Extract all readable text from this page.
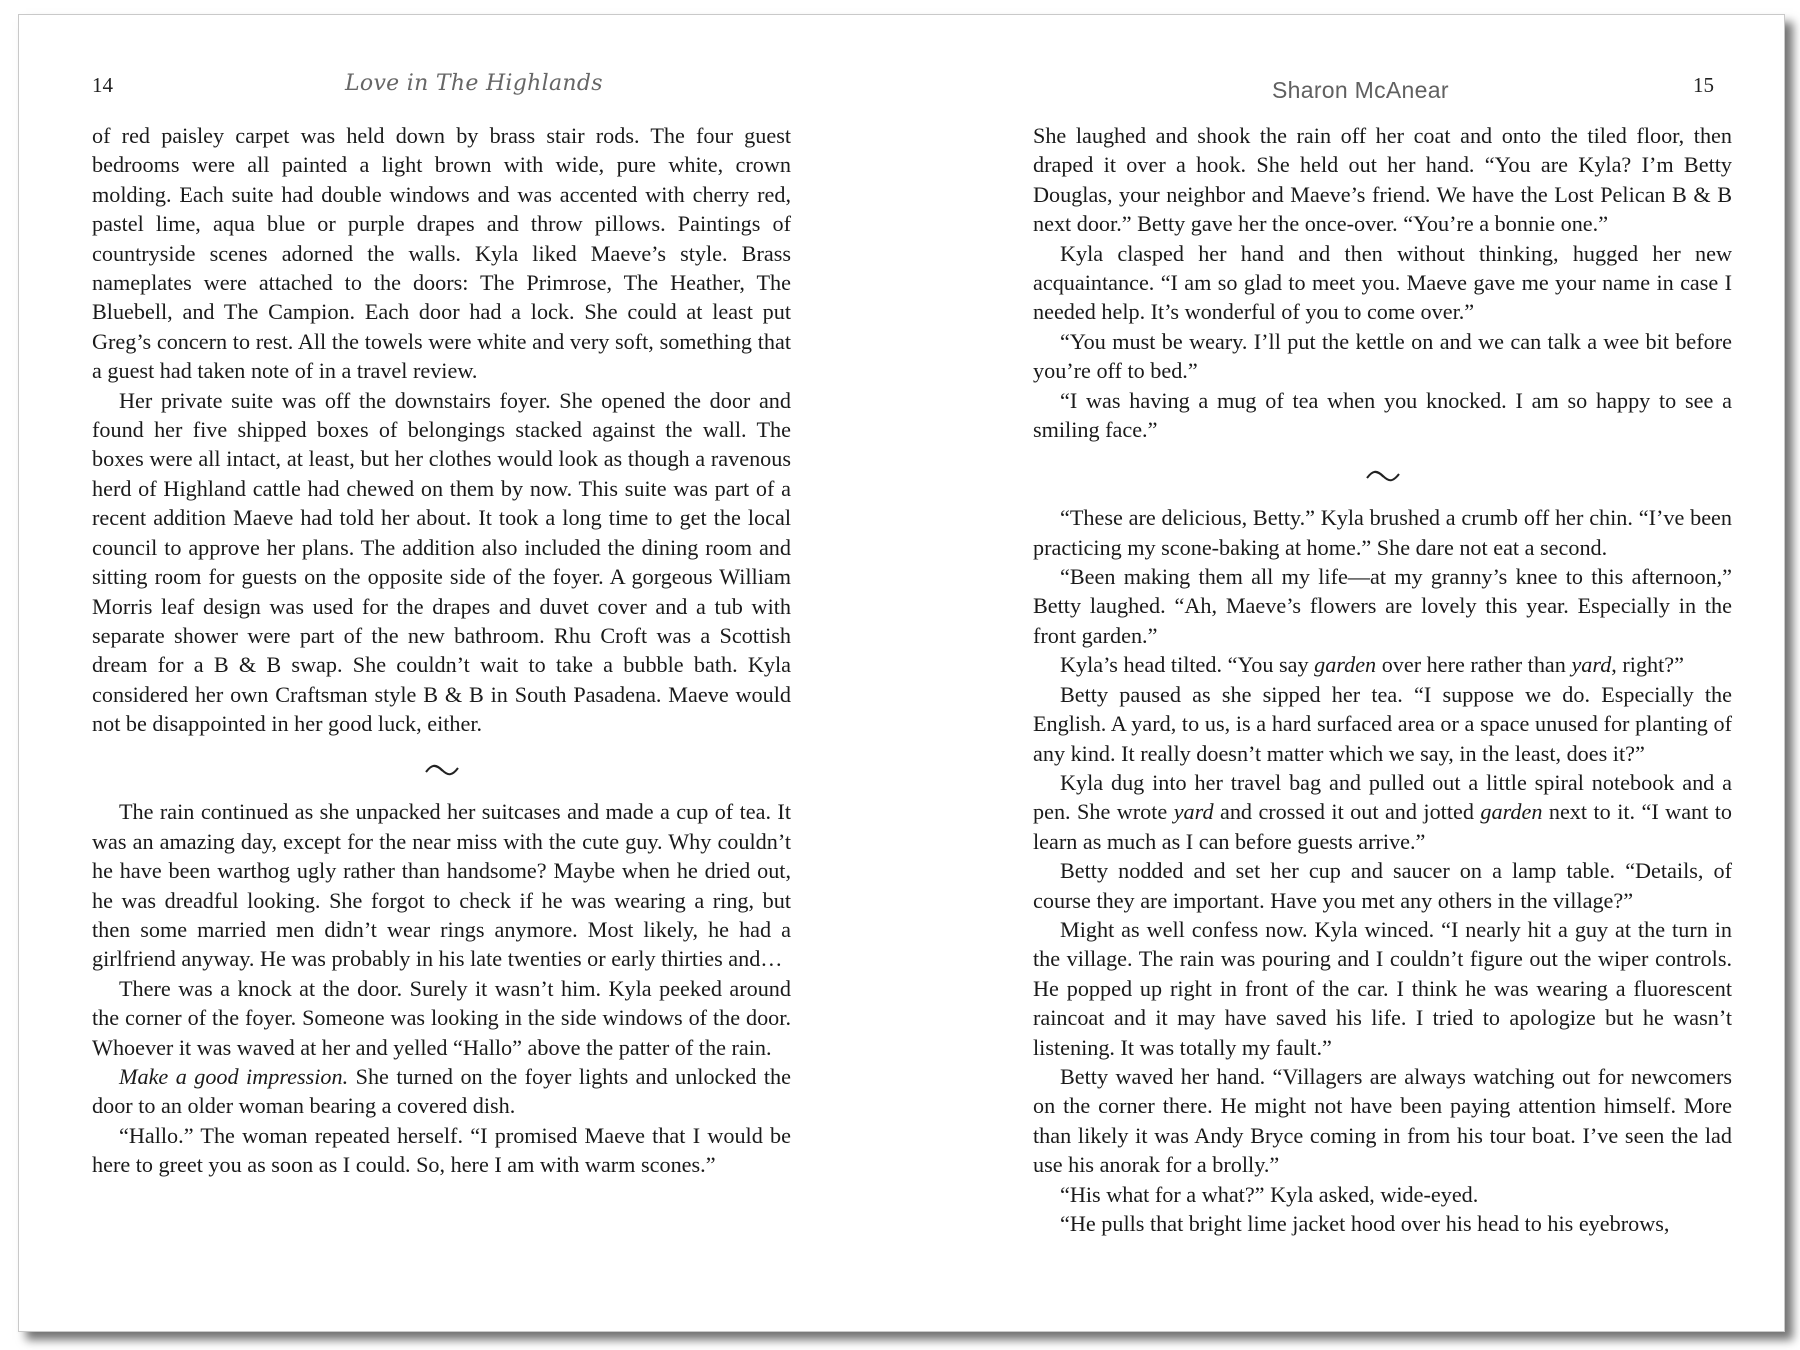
14	Love in The Highlands

of red paisley carpet was held down by brass stair rods. The four guest bedrooms were all painted a light brown with wide, pure white, crown molding. Each suite had double windows and was accented with cherry red, pastel lime, aqua blue or purple drapes and throw pillows. Paintings of countryside scenes adorned the walls. Kyla liked Maeve’s style. Brass nameplates were attached to the doors: The Primrose, The Heather, The Bluebell, and The Campion. Each door had a lock. She could at least put Greg’s concern to rest. All the towels were white and very soft, something that a guest had taken note of in a travel review.

Her private suite was off the downstairs foyer. She opened the door and found her five shipped boxes of belongings stacked against the wall. The boxes were all intact, at least, but her clothes would look as though a ravenous herd of Highland cattle had chewed on them by now. This suite was part of a recent addition Maeve had told her about. It took a long time to get the local council to approve her plans. The addition also included the dining room and sitting room for guests on the opposite side of the foyer. A gorgeous William Morris leaf design was used for the drapes and duvet cover and a tub with separate shower were part of the new bathroom. Rhu Croft was a Scottish dream for a B & B swap. She couldn’t wait to take a bubble bath. Kyla considered her own Craftsman style B & B in South Pasadena. Maeve would not be disappointed in her good luck, either.

The rain continued as she unpacked her suitcases and made a cup of tea. It was an amazing day, except for the near miss with the cute guy. Why couldn’t he have been warthog ugly rather than handsome? Maybe when he dried out, he was dreadful looking. She forgot to check if he was wearing a ring, but then some married men didn’t wear rings anymore. Most likely, he had a girlfriend anyway. He was probably in his late twenties or early thirties and…

There was a knock at the door. Surely it wasn’t him. Kyla peeked around the corner of the foyer. Someone was looking in the side windows of the door. Whoever it was waved at her and yelled “Hallo” above the patter of the rain.

Make a good impression. She turned on the foyer lights and unlocked the door to an older woman bearing a covered dish.

“Hallo.” The woman repeated herself. “I promised Maeve that I would be here to greet you as soon as I could. So, here I am with warm scones.”

Sharon McAnear	15

She laughed and shook the rain off her coat and onto the tiled floor, then draped it over a hook. She held out her hand. “You are Kyla? I’m Betty Douglas, your neighbor and Maeve’s friend. We have the Lost Pelican B & B next door.” Betty gave her the once-over. “You’re a bonnie one.”

Kyla clasped her hand and then without thinking, hugged her new acquaintance. “I am so glad to meet you. Maeve gave me your name in case I needed help. It’s wonderful of you to come over.”

“You must be weary. I’ll put the kettle on and we can talk a wee bit before you’re off to bed.”

“I was having a mug of tea when you knocked. I am so happy to see a smiling face.”

“These are delicious, Betty.” Kyla brushed a crumb off her chin. “I’ve been practicing my scone-baking at home.” She dare not eat a second.

“Been making them all my life—at my granny’s knee to this afternoon,” Betty laughed. “Ah, Maeve’s flowers are lovely this year. Especially in the front garden.”

Kyla’s head tilted. “You say garden over here rather than yard, right?”

Betty paused as she sipped her tea. “I suppose we do. Especially the English. A yard, to us, is a hard surfaced area or a space unused for planting of any kind. It really doesn’t matter which we say, in the least, does it?”

Kyla dug into her travel bag and pulled out a little spiral notebook and a pen. She wrote yard and crossed it out and jotted garden next to it. “I want to learn as much as I can before guests arrive.”

Betty nodded and set her cup and saucer on a lamp table. “Details, of course they are important. Have you met any others in the village?”

Might as well confess now. Kyla winced. “I nearly hit a guy at the turn in the village. The rain was pouring and I couldn’t figure out the wiper controls. He popped up right in front of the car. I think he was wearing a fluorescent raincoat and it may have saved his life. I tried to apologize but he wasn’t listening. It was totally my fault.”

Betty waved her hand. “Villagers are always watching out for newcomers on the corner there. He might not have been paying attention himself. More than likely it was Andy Bryce coming in from his tour boat. I’ve seen the lad use his anorak for a brolly.”

“His what for a what?” Kyla asked, wide-eyed.

“He pulls that bright lime jacket hood over his head to his eyebrows,
